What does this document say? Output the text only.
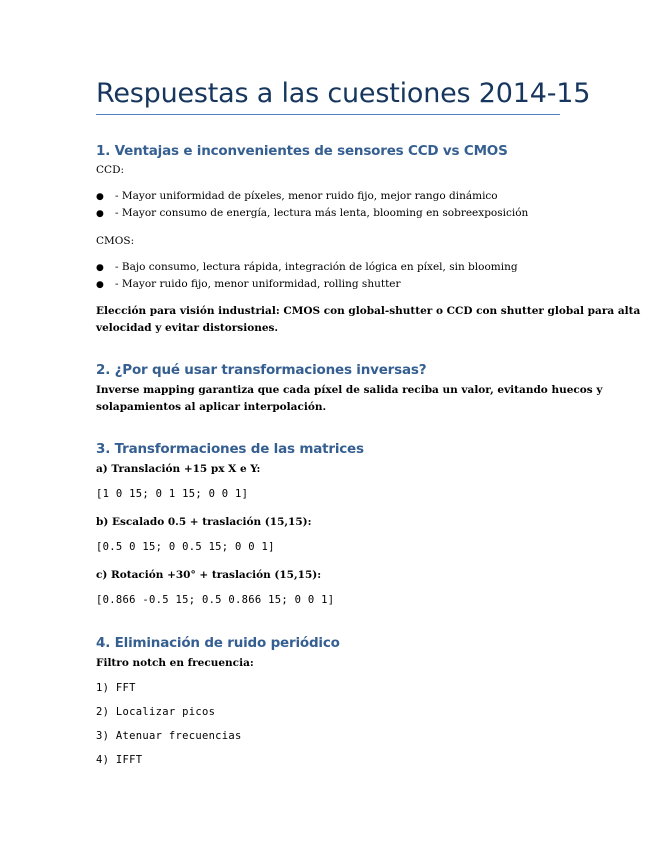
Respuestas a las cuestiones 2014-15
1. Ventajas e inconvenientes de sensores CCD vs CMOS
CCD:
● - Mayor uniformidad de píxeles, menor ruido fijo, mejor rango dinámico
● - Mayor consumo de energía, lectura más lenta, blooming en sobreexposición
CMOS:
● - Bajo consumo, lectura rápida, integración de lógica en píxel, sin blooming
● - Mayor ruido fijo, menor uniformidad, rolling shutter
Elección para visión industrial: CMOS con global-shutter o CCD con shutter global para alta
velocidad y evitar distorsiones.
2. ¿Por qué usar transformaciones inversas?
Inverse mapping garantiza que cada píxel de salida reciba un valor, evitando huecos y
solapamientos al aplicar interpolación.
3. Transformaciones de las matrices
a) Translación +15 px X e Y:
[1 0 15; 0 1 15; 0 0 1]
b) Escalado 0.5 + traslación (15,15):
[0.5 0 15; 0 0.5 15; 0 0 1]
c) Rotación +30° + traslación (15,15):
[0.866 -0.5 15; 0.5 0.866 15; 0 0 1]
4. Eliminación de ruido periódico
Filtro notch en frecuencia:
1) FFT
2) Localizar picos
3) Atenuar frecuencias
4) IFFT
